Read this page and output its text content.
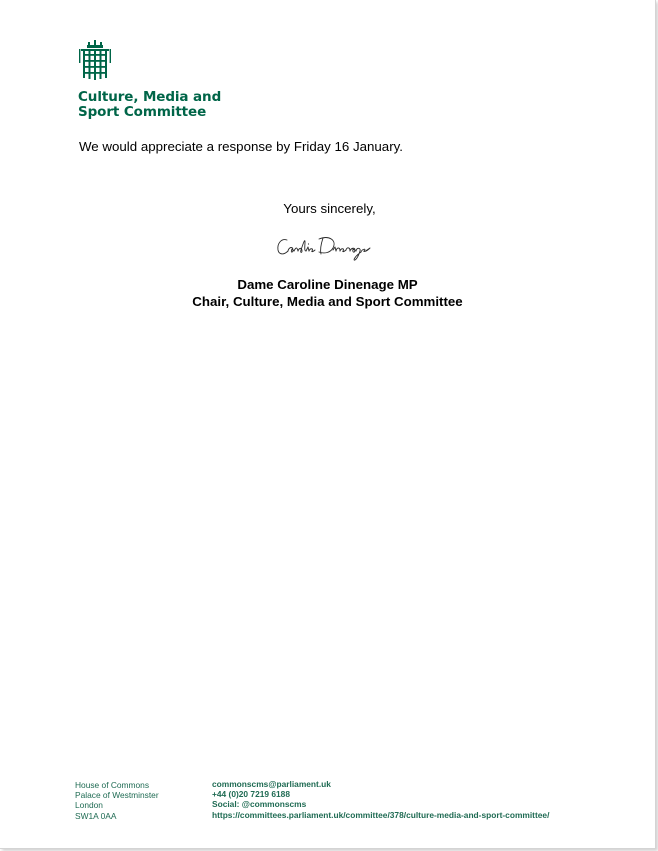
Culture, Media and
Sport Committee
We would appreciate a response by Friday 16 January.
Yours sincerely,
Dame Caroline Dinenage MP
Chair, Culture, Media and Sport Committee
House of Commons
Palace of Westminster
London
SW1A 0AA
commonscms@parliament.uk
+44 (0)20 7219 6188
Social: @commonscms
https://committees.parliament.uk/committee/378/culture-media-and-sport-committee/
